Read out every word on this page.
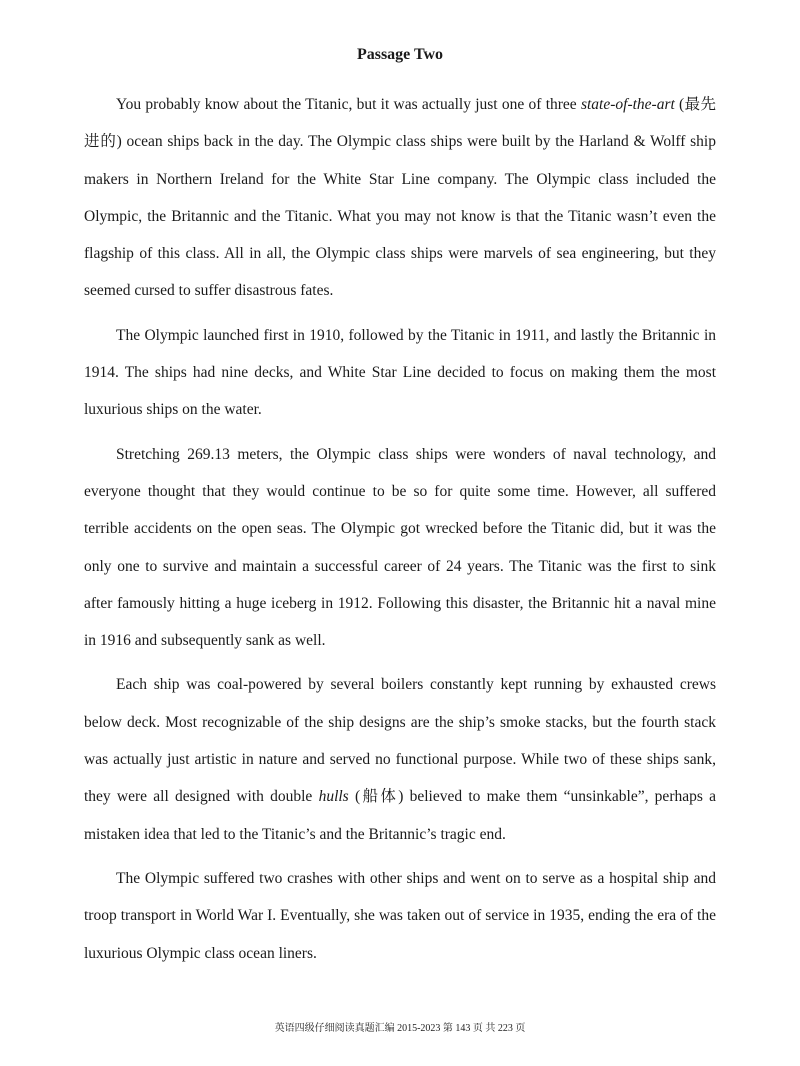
Passage Two

You probably know about the Titanic, but it was actually just one of three state-of-the-art (最先进的) ocean ships back in the day. The Olympic class ships were built by the Harland & Wolff ship makers in Northern Ireland for the White Star Line company. The Olympic class included the Olympic, the Britannic and the Titanic. What you may not know is that the Titanic wasn’t even the flagship of this class. All in all, the Olympic class ships were marvels of sea engineering, but they seemed cursed to suffer disastrous fates.

The Olympic launched first in 1910, followed by the Titanic in 1911, and lastly the Britannic in 1914. The ships had nine decks, and White Star Line decided to focus on making them the most luxurious ships on the water.

Stretching 269.13 meters, the Olympic class ships were wonders of naval technology, and everyone thought that they would continue to be so for quite some time. However, all suffered terrible accidents on the open seas. The Olympic got wrecked before the Titanic did, but it was the only one to survive and maintain a successful career of 24 years. The Titanic was the first to sink after famously hitting a huge iceberg in 1912. Following this disaster, the Britannic hit a naval mine in 1916 and subsequently sank as well.

Each ship was coal-powered by several boilers constantly kept running by exhausted crews below deck. Most recognizable of the ship designs are the ship’s smoke stacks, but the fourth stack was actually just artistic in nature and served no functional purpose. While two of these ships sank, they were all designed with double hulls (船体) believed to make them “unsinkable”, perhaps a mistaken idea that led to the Titanic’s and the Britannic’s tragic end.

The Olympic suffered two crashes with other ships and went on to serve as a hospital ship and troop transport in World War I. Eventually, she was taken out of service in 1935, ending the era of the luxurious Olympic class ocean liners.

英语四级仔细阅读真题汇编 2015-2023 第 143 页 共 223 页
